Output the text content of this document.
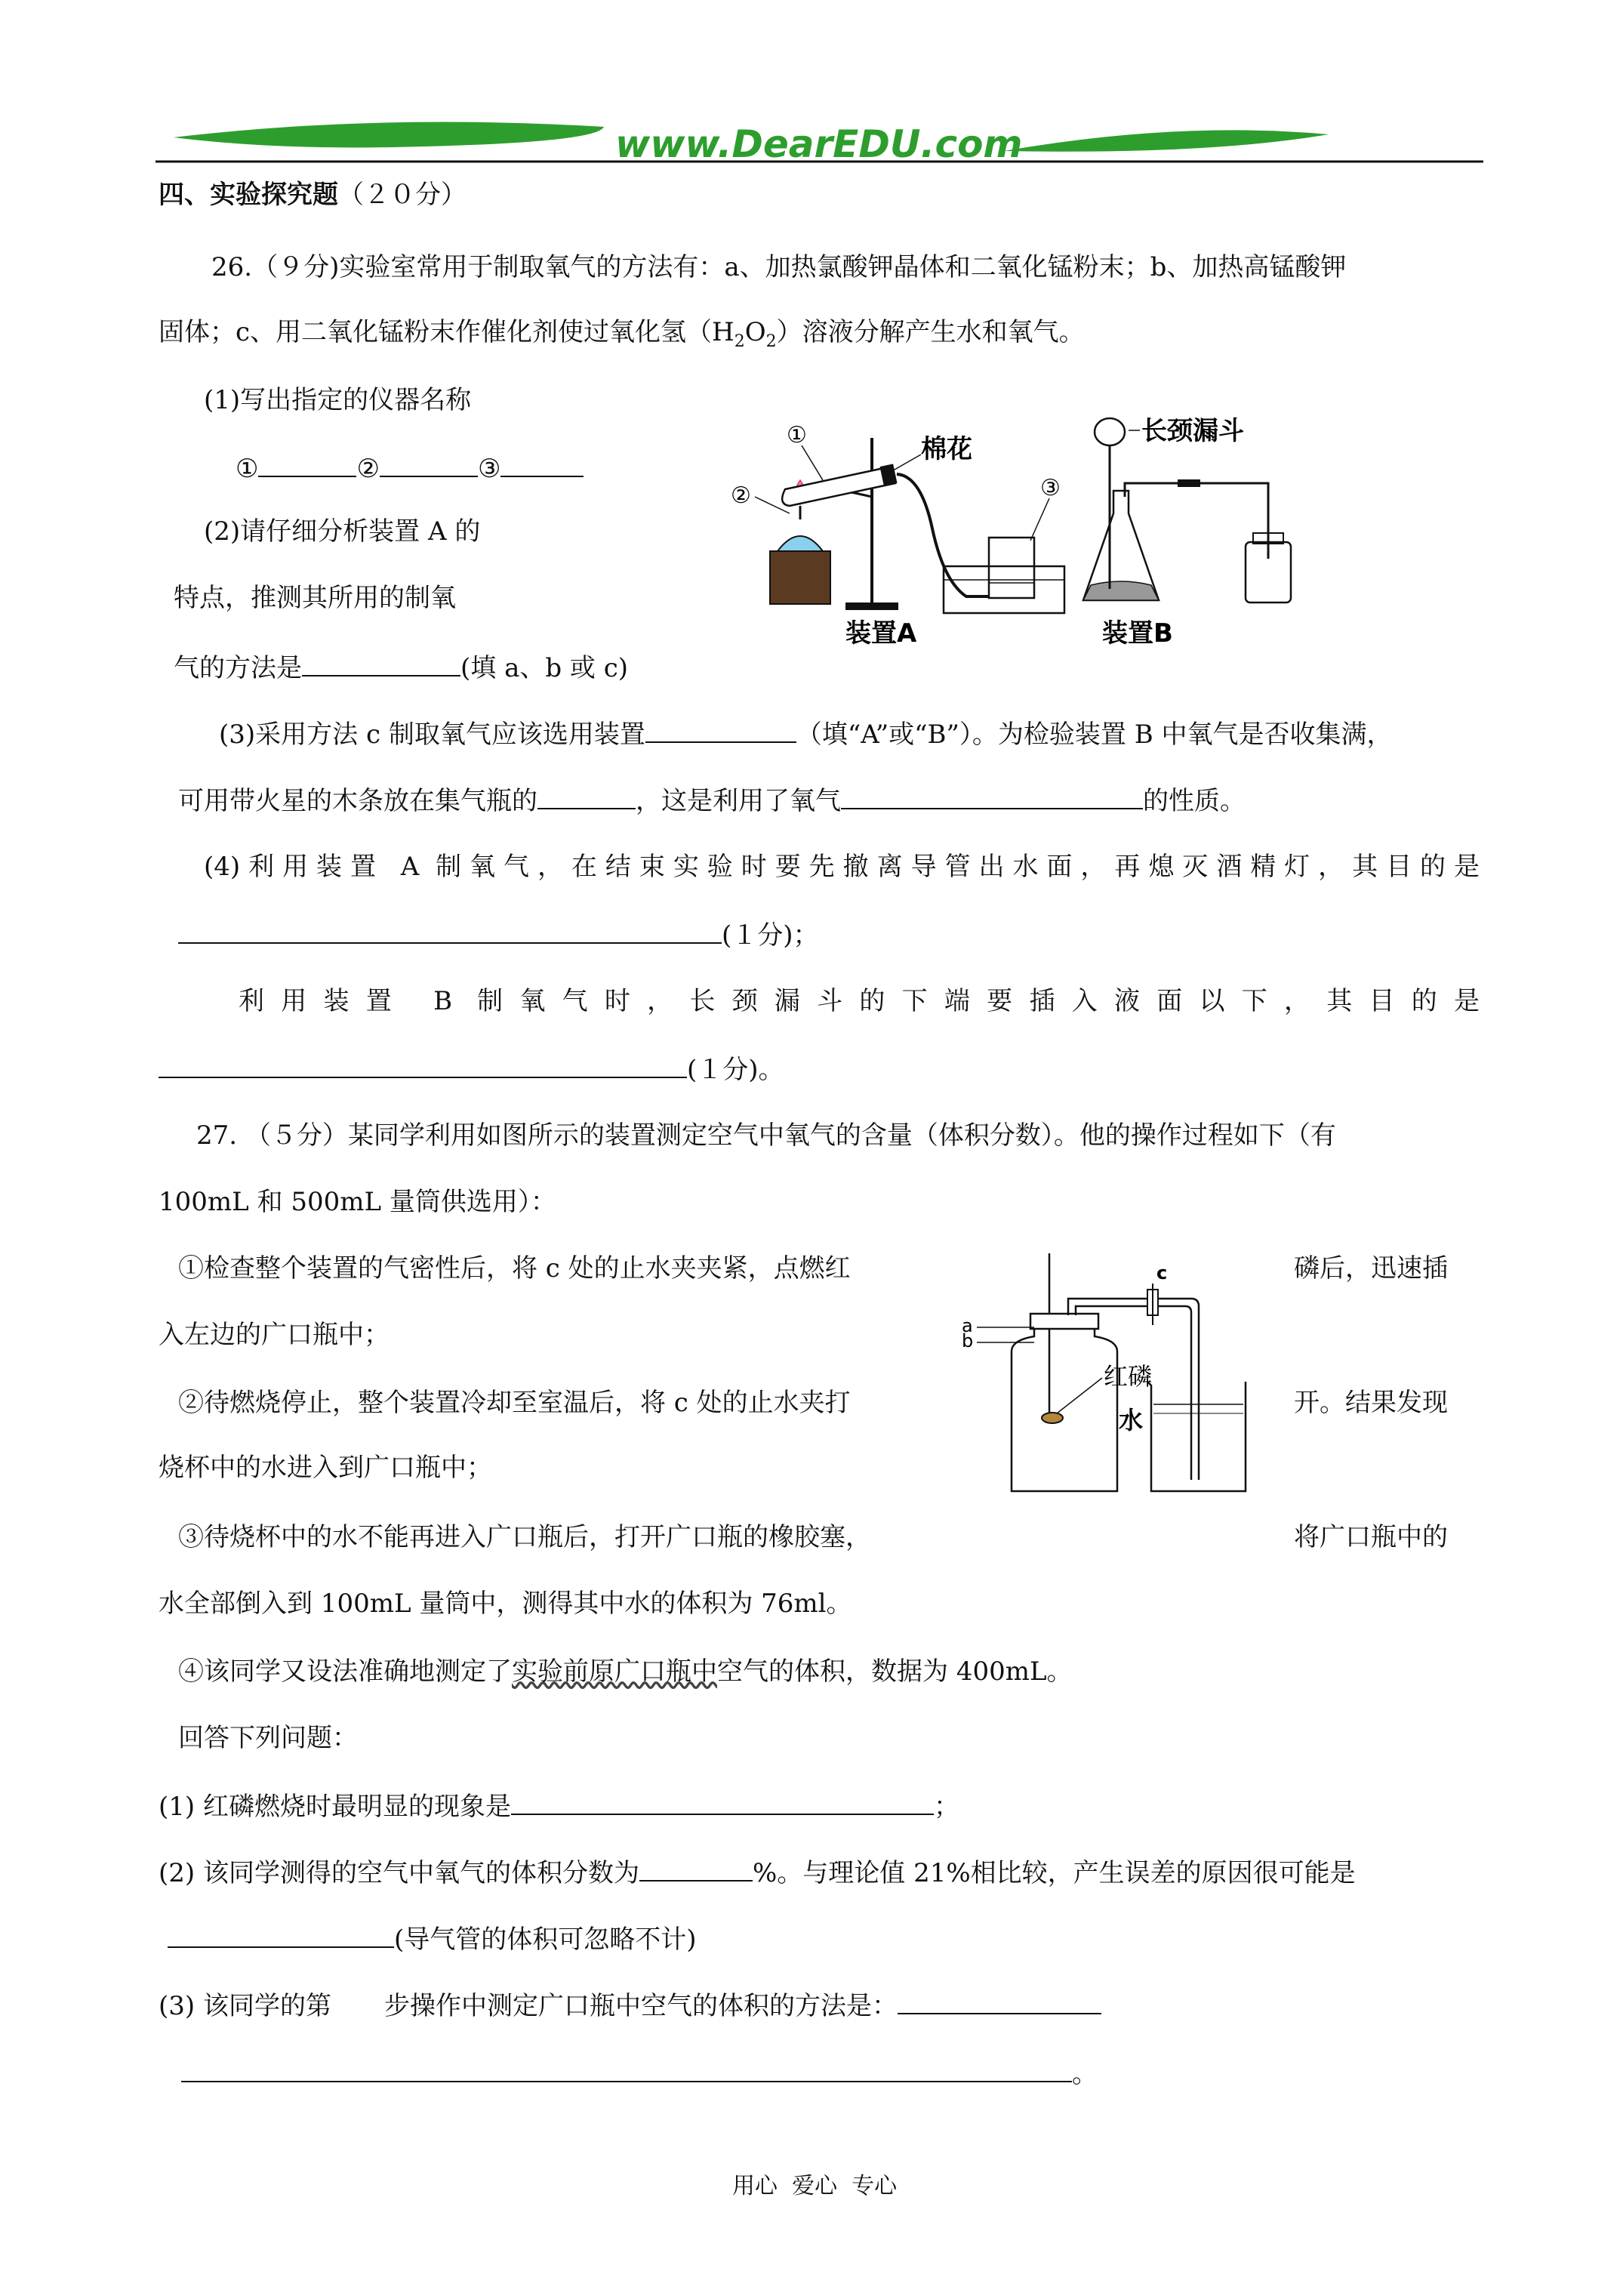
www.DearEDU.com
四、实验探究题（２０分）
26.（９分)实验室常用于制取氧气的方法有：a、加热氯酸钾晶体和二氧化锰粉末；b、加热高锰酸钾
固体；c、用二氧化锰粉末作催化剂使过氧化氢$(H_2O_2)$溶液分解产生水和氧气。
(1)写出指定的仪器名称
①	②	③
(2)请仔细分析装置 A 的
特点，推测其所用的制氧
气的方法是	(填 a、b 或 c)
①
②	③
棉花
长颈漏斗
装置A	装置B
(3)采用方法 c 制取氧气应该选用装置	（填“A”或“B”）。为检验装置 B 中氧气是否收集满，
可用带火星的木条放在集气瓶的	，这是利用了氧气	的性质。
(4)利用装置 A 制氧气，在结束实验时要先撤离导管出水面，再熄灭酒精灯，其目的是
(１分)；
利用装置 B 制氧气时，长颈漏斗的下端要插入液面以下，其目的是
(１分)。
27. （５分）某同学利用如图所示的装置测定空气中氧气的含量（体积分数）。他的操作过程如下（有
100mL 和 500mL 量筒供选用）：
①检查整个装置的气密性后，将 c 处的止水夹夹紧，点燃红	磷后，迅速插
入左边的广口瓶中；
②待燃烧停止，整个装置冷却至室温后，将 c 处的止水夹打	开。结果发现
烧杯中的水进入到广口瓶中；
a
b
c
红磷
水
③待烧杯中的水不能再进入广口瓶后，打开广口瓶的橡胶塞，	将广口瓶中的
水全部倒入到 100mL 量筒中，测得其中水的体积为 76ml。
④该同学又设法准确地测定了实验前原广口瓶中空气的体积，数据为 400mL。
回答下列问题：
(1) 红磷燃烧时最明显的现象是	；
(2) 该同学测得的空气中氧气的体积分数为	%。与理论值 21%相比较，产生误差的原因很可能是
(导气管的体积可忽略不计)
(3) 该同学的第 步操作中测定广口瓶中空气的体积的方法是：
。
用心  爱心  专心
